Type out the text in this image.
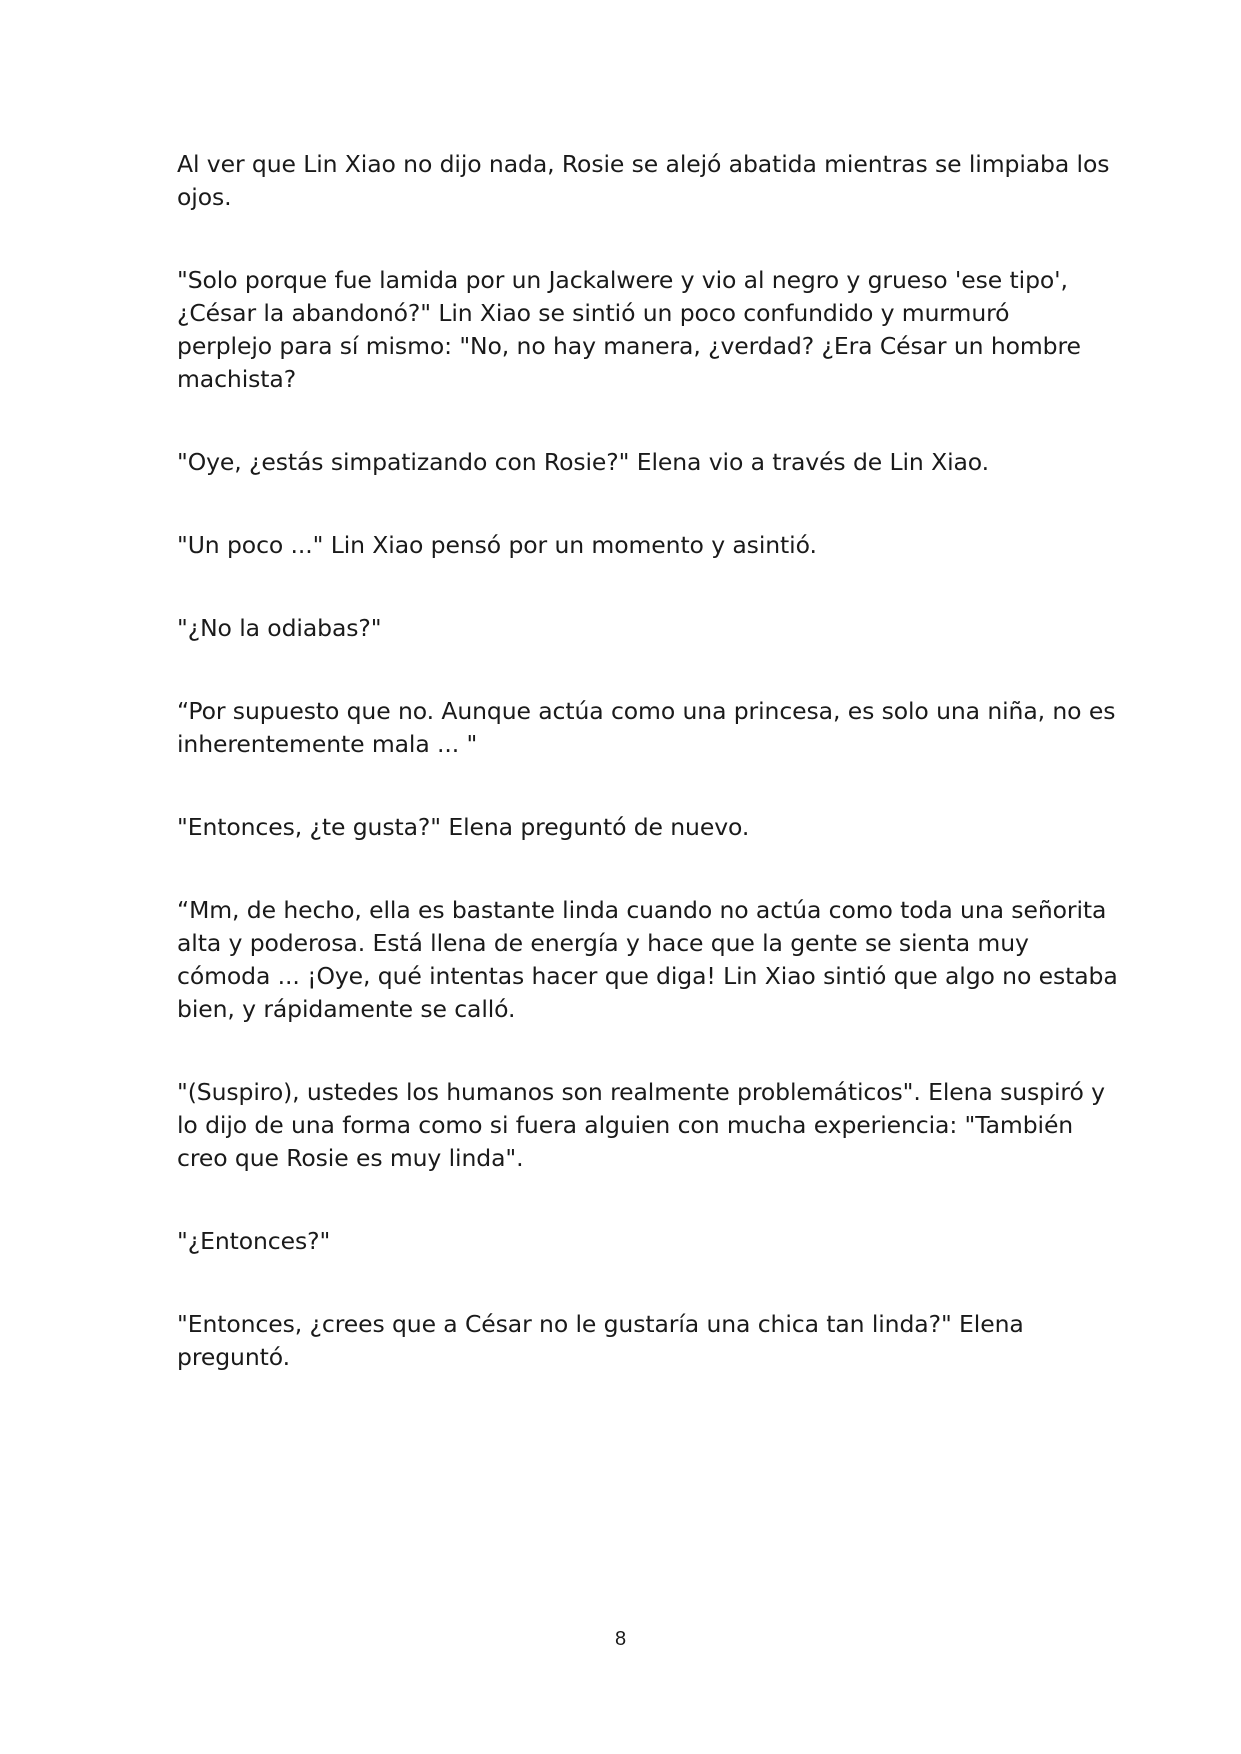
Al ver que Lin Xiao no dijo nada, Rosie se alejó abatida mientras se limpiaba los
ojos.

"Solo porque fue lamida por un Jackalwere y vio al negro y grueso 'ese tipo',
¿César la abandonó?" Lin Xiao se sintió un poco confundido y murmuró
perplejo para sí mismo: "No, no hay manera, ¿verdad? ¿Era César un hombre
machista?

"Oye, ¿estás simpatizando con Rosie?" Elena vio a través de Lin Xiao.

"Un poco ..." Lin Xiao pensó por un momento y asintió.

"¿No la odiabas?"

“Por supuesto que no. Aunque actúa como una princesa, es solo una niña, no es
inherentemente mala ... "

"Entonces, ¿te gusta?" Elena preguntó de nuevo.

“Mm, de hecho, ella es bastante linda cuando no actúa como toda una señorita
alta y poderosa. Está llena de energía y hace que la gente se sienta muy
cómoda ... ¡Oye, qué intentas hacer que diga! Lin Xiao sintió que algo no estaba
bien, y rápidamente se calló.

"(Suspiro), ustedes los humanos son realmente problemáticos". Elena suspiró y
lo dijo de una forma como si fuera alguien con mucha experiencia: "También
creo que Rosie es muy linda".

"¿Entonces?"

"Entonces, ¿crees que a César no le gustaría una chica tan linda?" Elena
preguntó.

8
